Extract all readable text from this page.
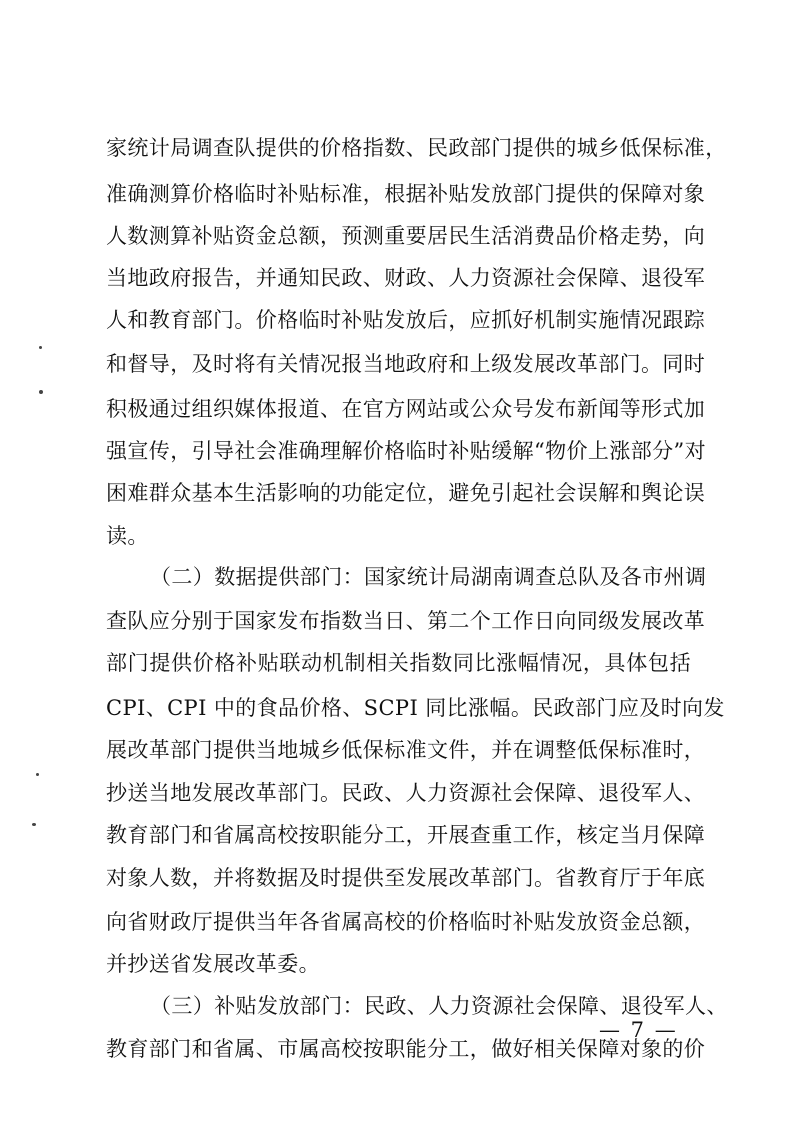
家统计局调查队提供的价格指数、民政部门提供的城乡低保标准，
准确测算价格临时补贴标准，根据补贴发放部门提供的保障对象
人数测算补贴资金总额，预测重要居民生活消费品价格走势，向
当地政府报告，并通知民政、财政、人力资源社会保障、退役军
人和教育部门。价格临时补贴发放后，应抓好机制实施情况跟踪
和督导，及时将有关情况报当地政府和上级发展改革部门。同时
积极通过组织媒体报道、在官方网站或公众号发布新闻等形式加
强宣传，引导社会准确理解价格临时补贴缓解“物价上涨部分”对
困难群众基本生活影响的功能定位，避免引起社会误解和舆论误
读。
（二）数据提供部门：国家统计局湖南调查总队及各市州调
查队应分别于国家发布指数当日、第二个工作日向同级发展改革
部门提供价格补贴联动机制相关指数同比涨幅情况，具体包括
CPI、CPI 中的食品价格、SCPI 同比涨幅。民政部门应及时向发
展改革部门提供当地城乡低保标准文件，并在调整低保标准时，
抄送当地发展改革部门。民政、人力资源社会保障、退役军人、
教育部门和省属高校按职能分工，开展查重工作，核定当月保障
对象人数，并将数据及时提供至发展改革部门。省教育厅于年底
向省财政厅提供当年各省属高校的价格临时补贴发放资金总额，
并抄送省发展改革委。
（三）补贴发放部门：民政、人力资源社会保障、退役军人、
教育部门和省属、市属高校按职能分工，做好相关保障对象的价
— 7 —
